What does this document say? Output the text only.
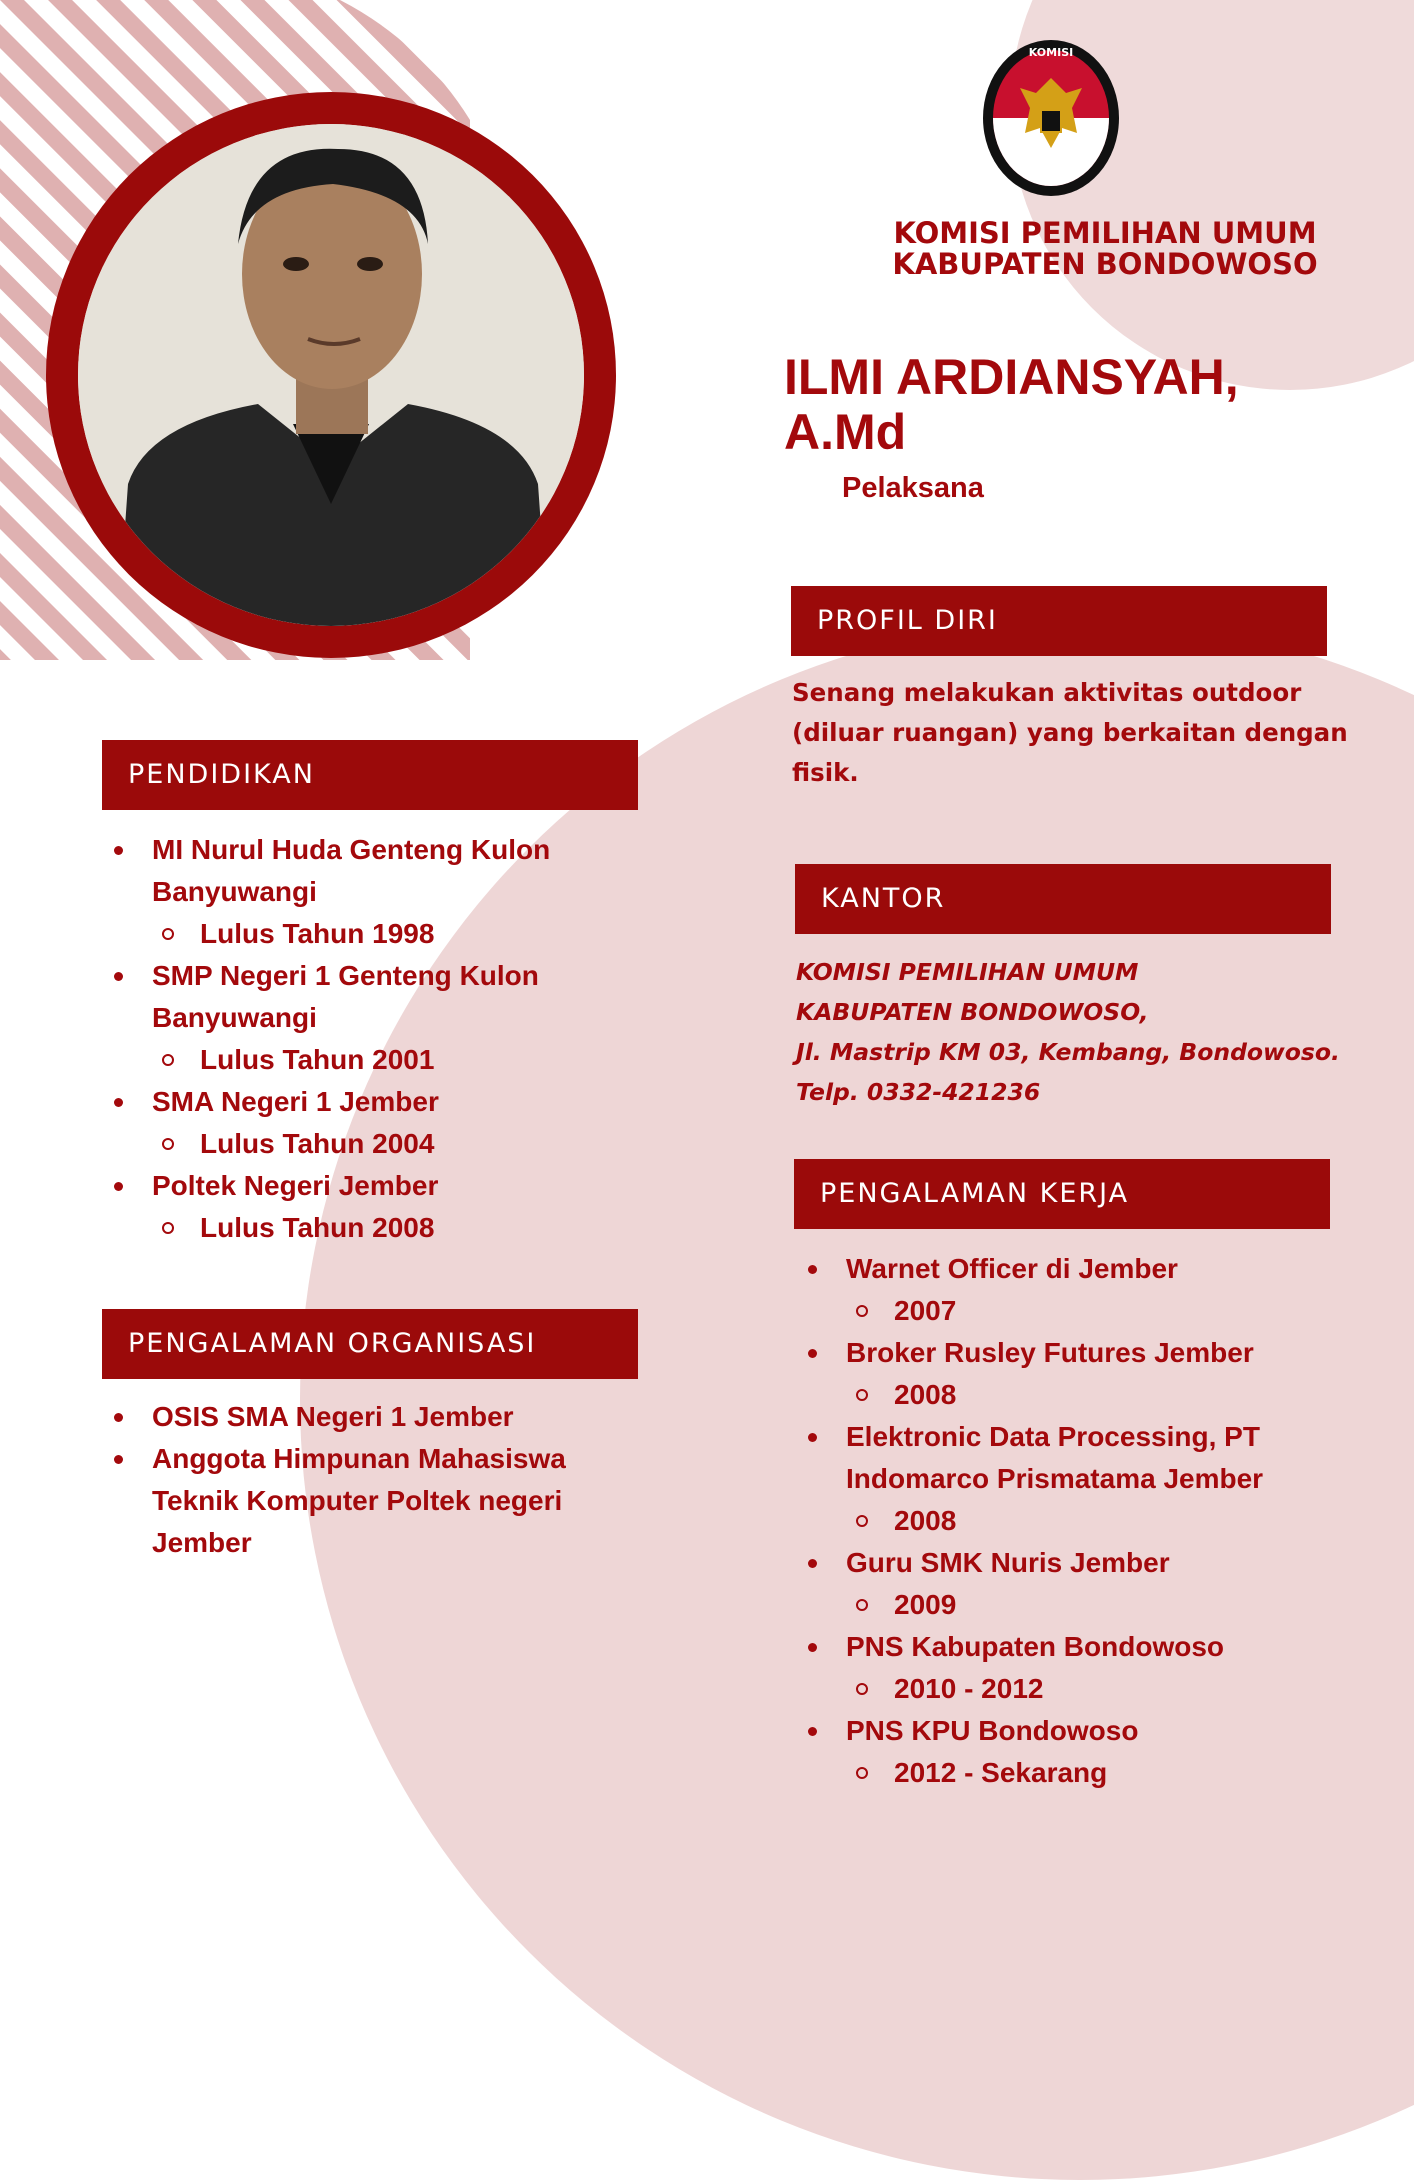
KOMISI
KOMISI PEMILIHAN UMUM
KABUPATEN BONDOWOSO
ILMI ARDIANSYAH,
A.Md
Pelaksana
PROFIL DIRI
Senang melakukan aktivitas outdoor
(diluar ruangan) yang berkaitan dengan
fisik.
KANTOR
KOMISI PEMILIHAN UMUM
KABUPATEN BONDOWOSO,
Jl. Mastrip KM 03, Kembang, Bondowoso.
Telp. 0332-421236
PENDIDIKAN
MI Nurul Huda Genteng Kulon
Banyuwangi
Lulus Tahun 1998
SMP Negeri 1 Genteng Kulon
Banyuwangi
Lulus Tahun 2001
SMA Negeri 1 Jember
Lulus Tahun 2004
Poltek Negeri Jember
Lulus Tahun 2008
PENGALAMAN ORGANISASI
OSIS SMA Negeri 1 Jember
Anggota Himpunan Mahasiswa
Teknik Komputer Poltek negeri
Jember
PENGALAMAN KERJA
Warnet Officer di Jember
2007
Broker Rusley Futures Jember
2008
Elektronic Data Processing, PT
Indomarco Prismatama Jember
2008
Guru SMK Nuris Jember
2009
PNS Kabupaten Bondowoso
2010 - 2012
PNS KPU Bondowoso
2012 - Sekarang
